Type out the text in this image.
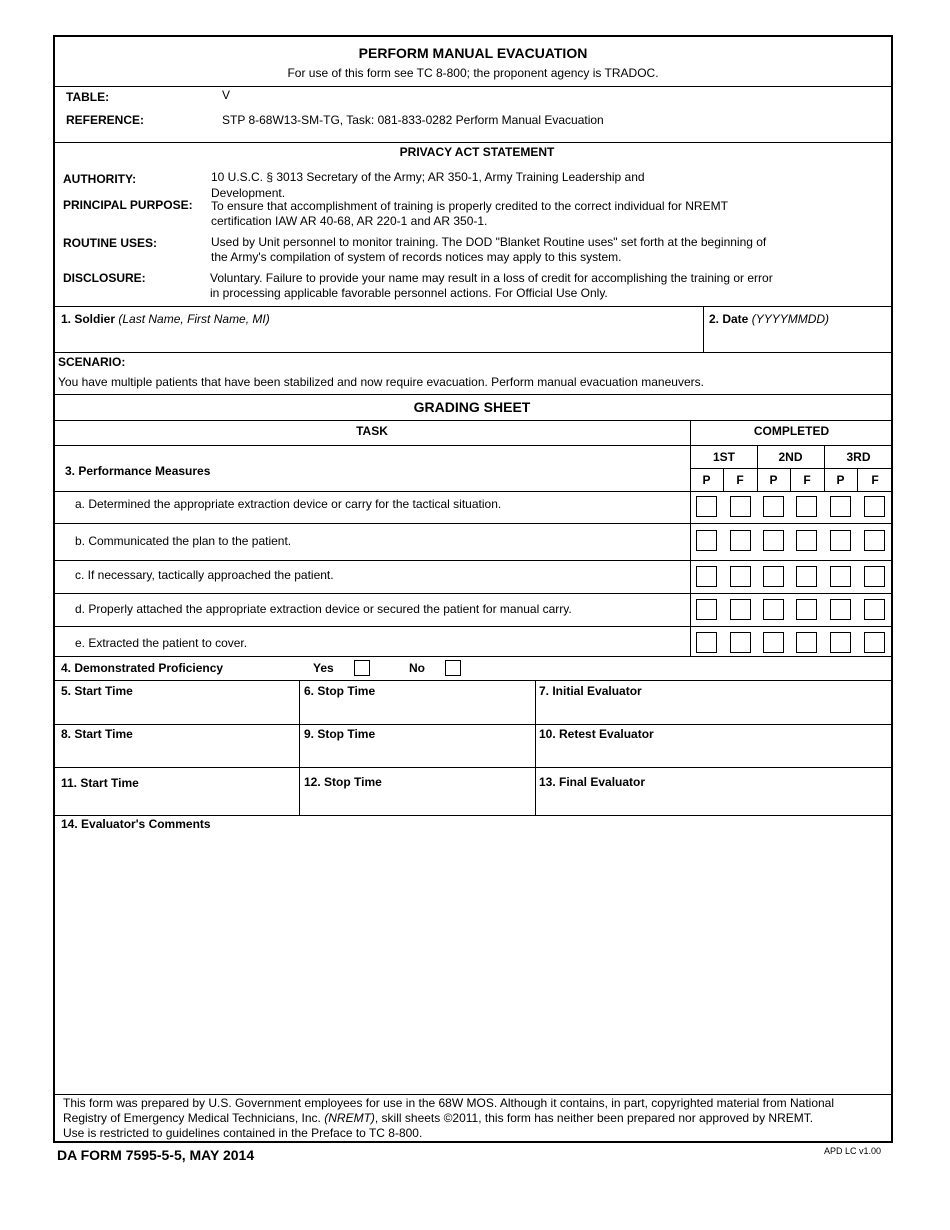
PERFORM MANUAL EVACUATION
For use of this form see TC 8-800; the proponent agency is TRADOC.
TABLE:	V
REFERENCE:	STP 8-68W13-SM-TG, Task: 081-833-0282 Perform Manual Evacuation
PRIVACY ACT STATEMENT
AUTHORITY:	10 U.S.C. § 3013 Secretary of the Army; AR 350-1, Army Training Leadership and
Development.
PRINCIPAL PURPOSE: To ensure that accomplishment of training is properly credited to the correct individual for NREMT
certification IAW AR 40-68, AR 220-1 and AR 350-1.
ROUTINE USES:	Used by Unit personnel to monitor training. The DOD "Blanket Routine uses" set forth at the beginning of
the Army's compilation of system of records notices may apply to this system.
DISCLOSURE:	Voluntary. Failure to provide your name may result in a loss of credit for accomplishing the training or error
in processing applicable favorable personnel actions. For Official Use Only.
1. Soldier (Last Name, First Name, MI)	2. Date (YYYYMMDD)
SCENARIO:
You have multiple patients that have been stabilized and now require evacuation. Perform manual evacuation maneuvers.
GRADING SHEET
TASK	COMPLETED
1ST	2ND	3RD
P	F	P	F	P	F
3. Performance Measures
a. Determined the appropriate extraction device or carry for the tactical situation.
b. Communicated the plan to the patient.
c. If necessary, tactically approached the patient.
d. Properly attached the appropriate extraction device or secured the patient for manual carry.
e. Extracted the patient to cover.
4. Demonstrated Proficiency	Yes	No
5. Start Time	6. Stop Time	7. Initial Evaluator
8. Start Time	9. Stop Time	10. Retest Evaluator
11. Start Time	12. Stop Time	13. Final Evaluator
14. Evaluator's Comments
This form was prepared by U.S. Government employees for use in the 68W MOS. Although it contains, in part, copyrighted material from National
Registry of Emergency Medical Technicians, Inc. (NREMT), skill sheets ©2011, this form has neither been prepared nor approved by NREMT.
Use is restricted to guidelines contained in the Preface to TC 8-800.
DA FORM 7595-5-5, MAY 2014	APD LC v1.00
